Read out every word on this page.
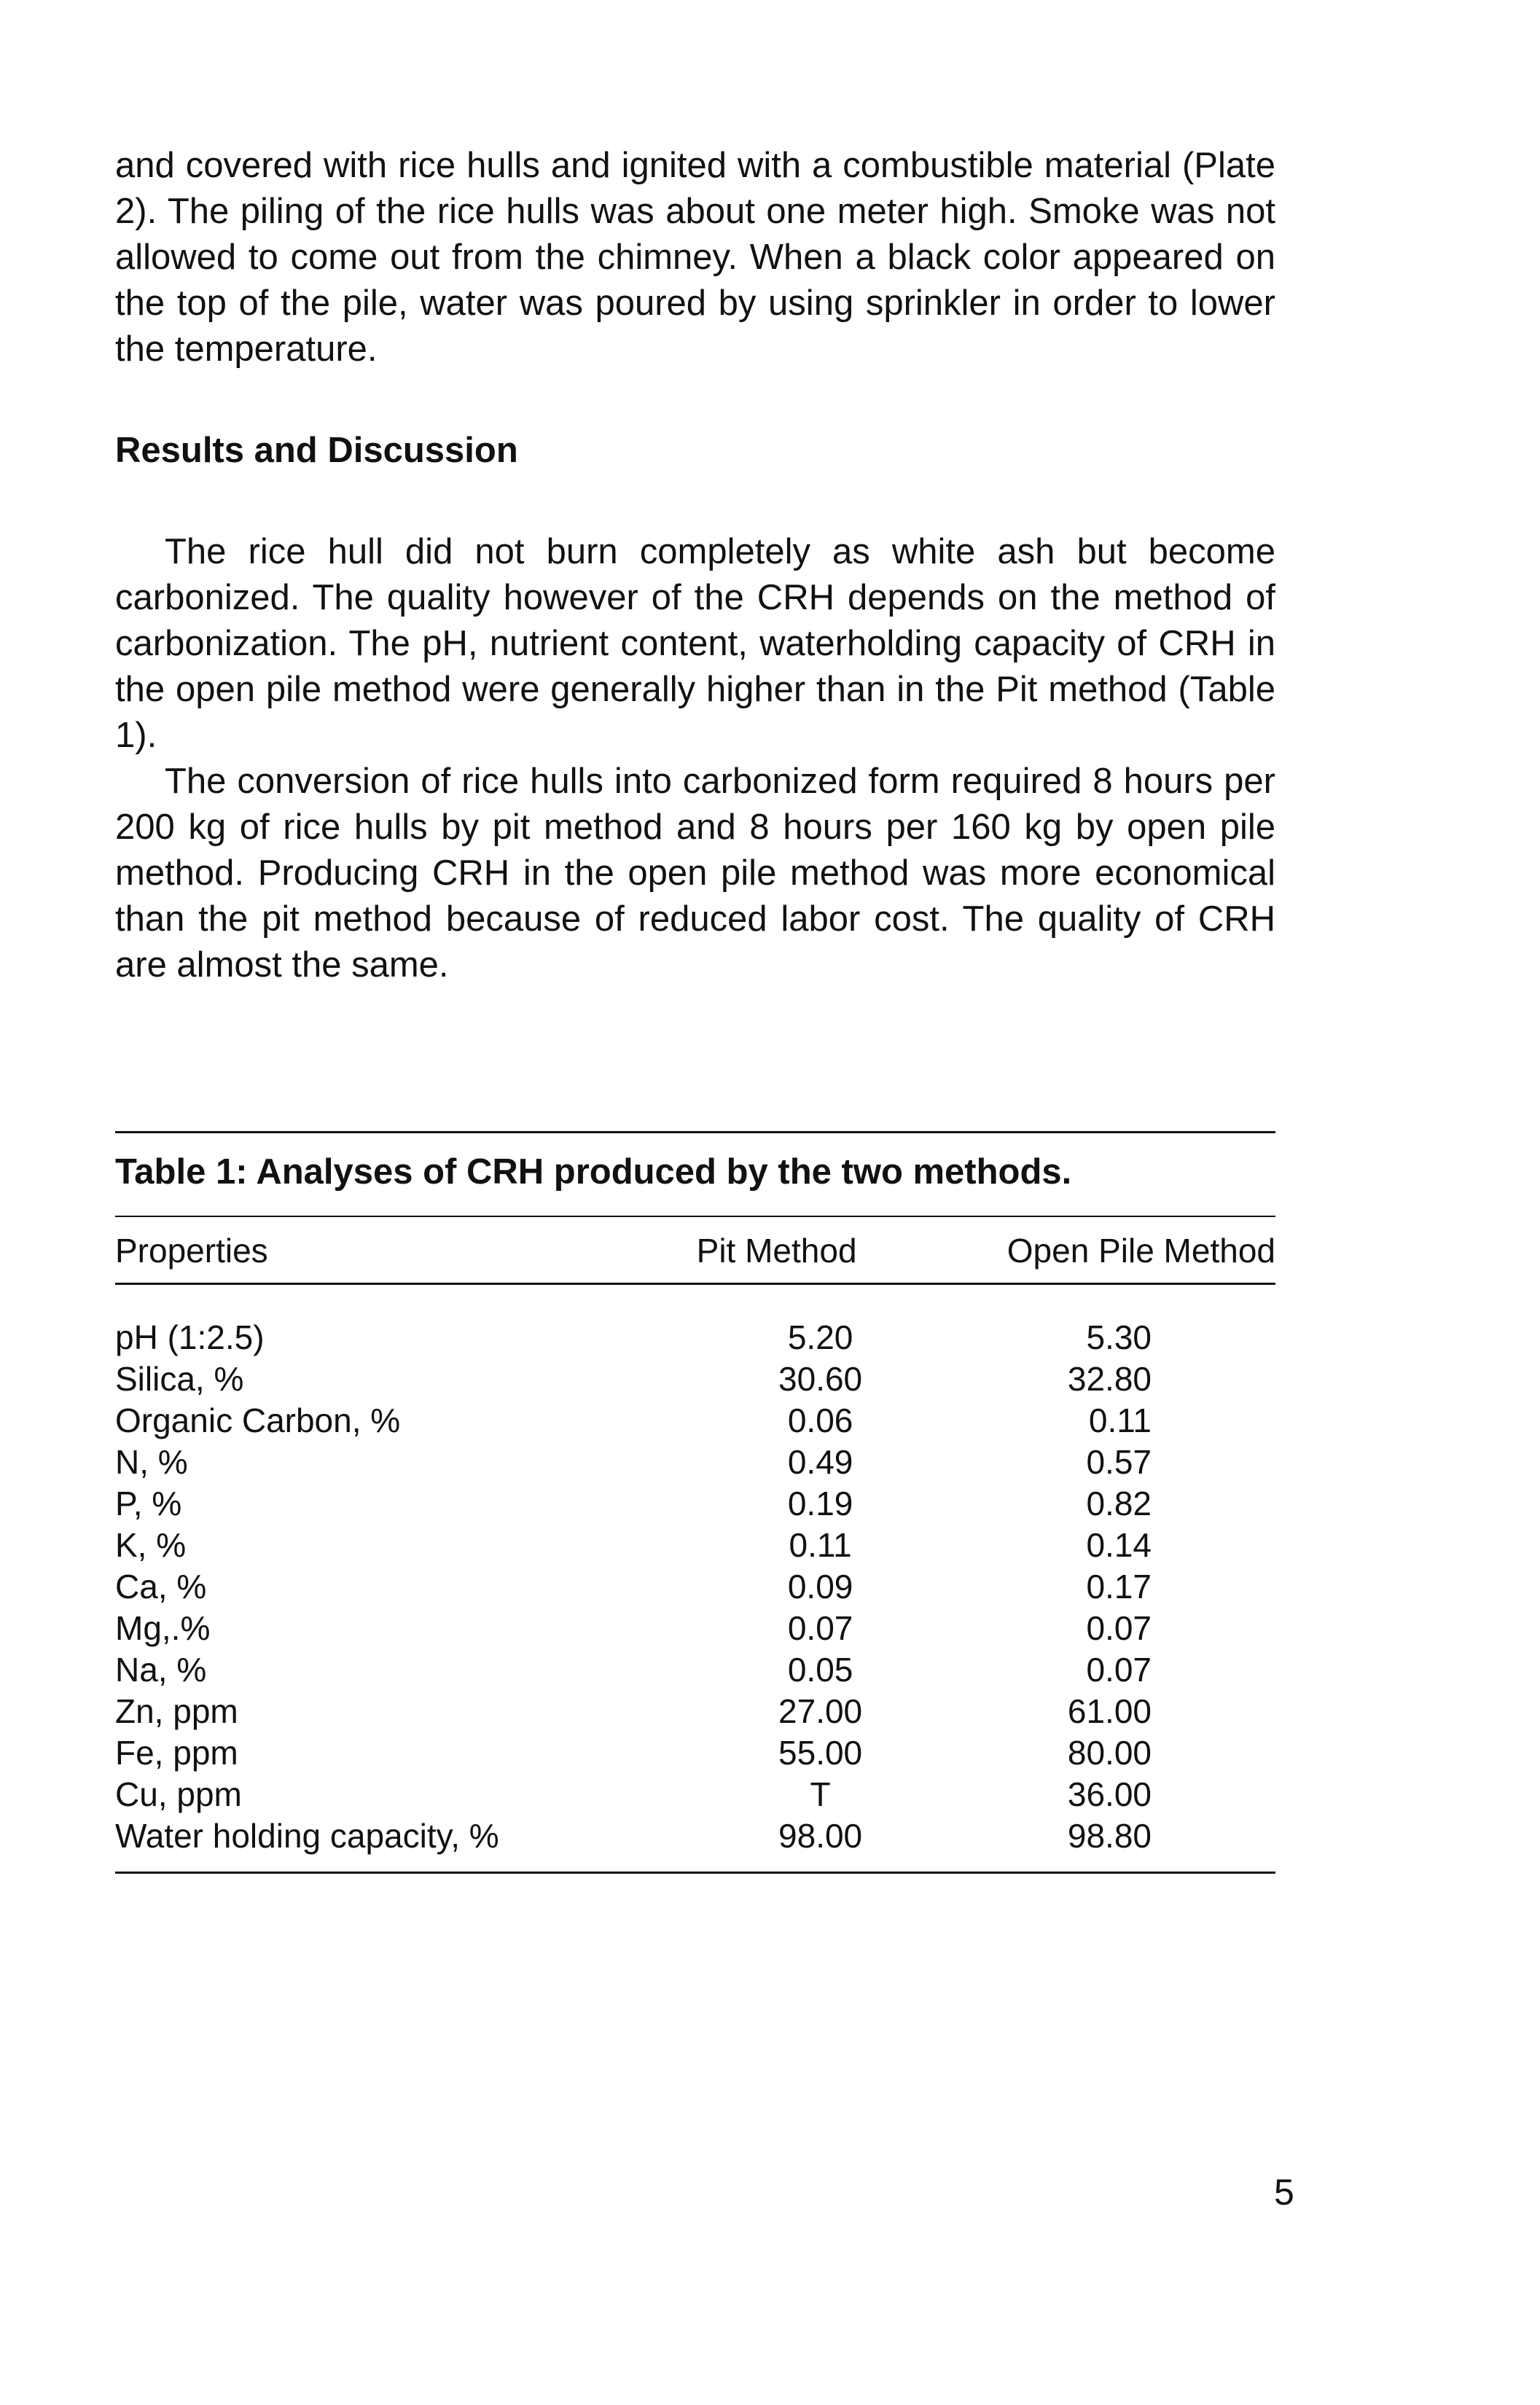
and covered with rice hulls and ignited with a combustible material (Plate 2). The piling of the rice hulls was about one meter high. Smoke was not allowed to come out from the chimney. When a black color appeared on the top of the pile, water was poured by using sprinkler in order to lower the temperature.

Results and Discussion

The rice hull did not burn completely as white ash but become carbonized. The quality however of the CRH depends on the method of carbonization. The pH, nutrient content, waterholding capacity of CRH in the open pile method were generally higher than in the Pit method (Table 1).

The conversion of rice hulls into carbonized form required 8 hours per 200 kg of rice hulls by pit method and 8 hours per 160 kg by open pile method. Producing CRH in the open pile method was more economical than the pit method because of reduced labor cost. The quality of CRH are almost the same.

Table 1: Analyses of CRH produced by the two methods.
Properties	Pit Method	Open Pile Method
pH (1:2.5)	5.20	5.30
Silica, %	30.60	32.80
Organic Carbon, %	0.06	0.11
N, %	0.49	0.57
P, %	0.19	0.82
K, %	0.11	0.14
Ca, %	0.09	0.17
Mg,.%	0.07	0.07
Na, %	0.05	0.07
Zn, ppm	27.00	61.00
Fe, ppm	55.00	80.00
Cu, ppm	T	36.00
Water holding capacity, %	98.00	98.80
5
